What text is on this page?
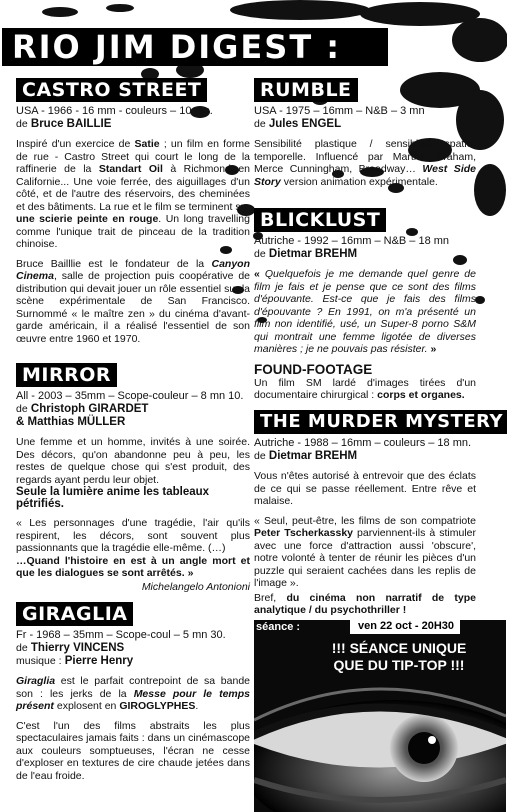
RIO JIM DIGEST :
CASTRO STREET
USA - 1966 - 16 mm - couleurs – 10 mn.
de Bruce BAILLIE

Inspiré d'un exercice de Satie ; un film en forme de rue - Castro Street qui court le long de la raffinerie de la Standart Oil à Richmond en Californie... Une voie ferrée, des aiguillages d'un côté, et de l'autre des réservoirs, des cheminées et des bâtiments. La rue et le film se terminent sur une scierie peinte en rouge. Un long travelling comme l'unique trait de pinceau de la tradition chinoise.

Bruce Bailllie est le fondateur de la Canyon Cinema, salle de projection puis coopérative de distribution qui devait jouer un rôle essentiel sur la scène expérimentale de San Francisco. Surnommé « le maître zen » du cinéma d'avant-garde américain, il a réalisé l'essentiel de son œuvre entre 1960 et 1970.

MIRROR
All - 2003 – 35mm – Scope-couleur – 8 mn 10.
de Christoph GIRARDET
& Matthias MÜLLER

Une femme et un homme, invités à une soirée. Des décors, qu'on abandonne peu à peu, les restes de quelque chose qui s'est produit, des regards ayant perdu leur objet.

Seule la lumière anime les tableaux pétrifiés.

« Les personnages d'une tragédie, l'air qu'ils respirent, les décors, sont souvent plus passionnants que la tragédie elle-même. (…)
…Quand l'histoire en est à un angle mort et que les dialogues se sont arrêtés. »

Michelangelo Antonioni
GIRAGLIA
Fr - 1968 – 35mm – Scope-coul – 5 mn 30.
de Thierry VINCENS
musique : Pierre Henry

Giraglia est le parfait contrepoint de sa bande son : les jerks de la Messe pour le temps présent explosent en GIROGLYPHES.

C'est l'un des films abstraits les plus spectaculaires jamais faits : dans un cinémascope aux couleurs somptueuses, l'écran ne cesse d'exploser en textures de cire chaude jetées dans de l'eau froide.

RUMBLE
USA - 1975 – 16mm – N&B – 3 mn
de Jules ENGEL

Sensibilité plastique / sensibilité spatio-temporelle. Influencé par Martha Graham, Merce Cunningham, Broadway… West Side Story version animation expérimentale.

BLICKLUST
Autriche - 1992 – 16mm – N&B – 18 mn
de Dietmar BREHM

« Quelquefois je me demande quel genre de film je fais et je pense que ce sont des films d'épouvante. Est-ce que je fais des films d'épouvante ? En 1991, on m'a présenté un film non identifié, usé, un Super-8 porno S&M qui montrait une femme ligotée de diverses manières ; je ne pouvais pas résister. »

FOUND-FOOTAGE
Un film SM lardé d'images tirées d'un documentaire chirurgical : corps et organes.
THE MURDER MYSTERY
Autriche - 1988 – 16mm – couleurs – 18 mn.
de Dietmar BREHM

Vous n'êtes autorisé à entrevoir que des éclats de ce qui se passe réellement. Entre rêve et malaise.

« Seul, peut-être, les films de son compatriote Peter Tscherkassky parviennent-ils à stimuler avec une force d'attraction aussi 'obscure', notre volonté à tenter de réunir les pièces d'un puzzle qui seraient cachées dans les replis de l'image ».

Bref, du cinéma non narratif de type analytique / du psychothriller !
séance :	ven 22 oct - 20H30
!!! SÉANCE UNIQUE
QUE DU TIP-TOP !!!
